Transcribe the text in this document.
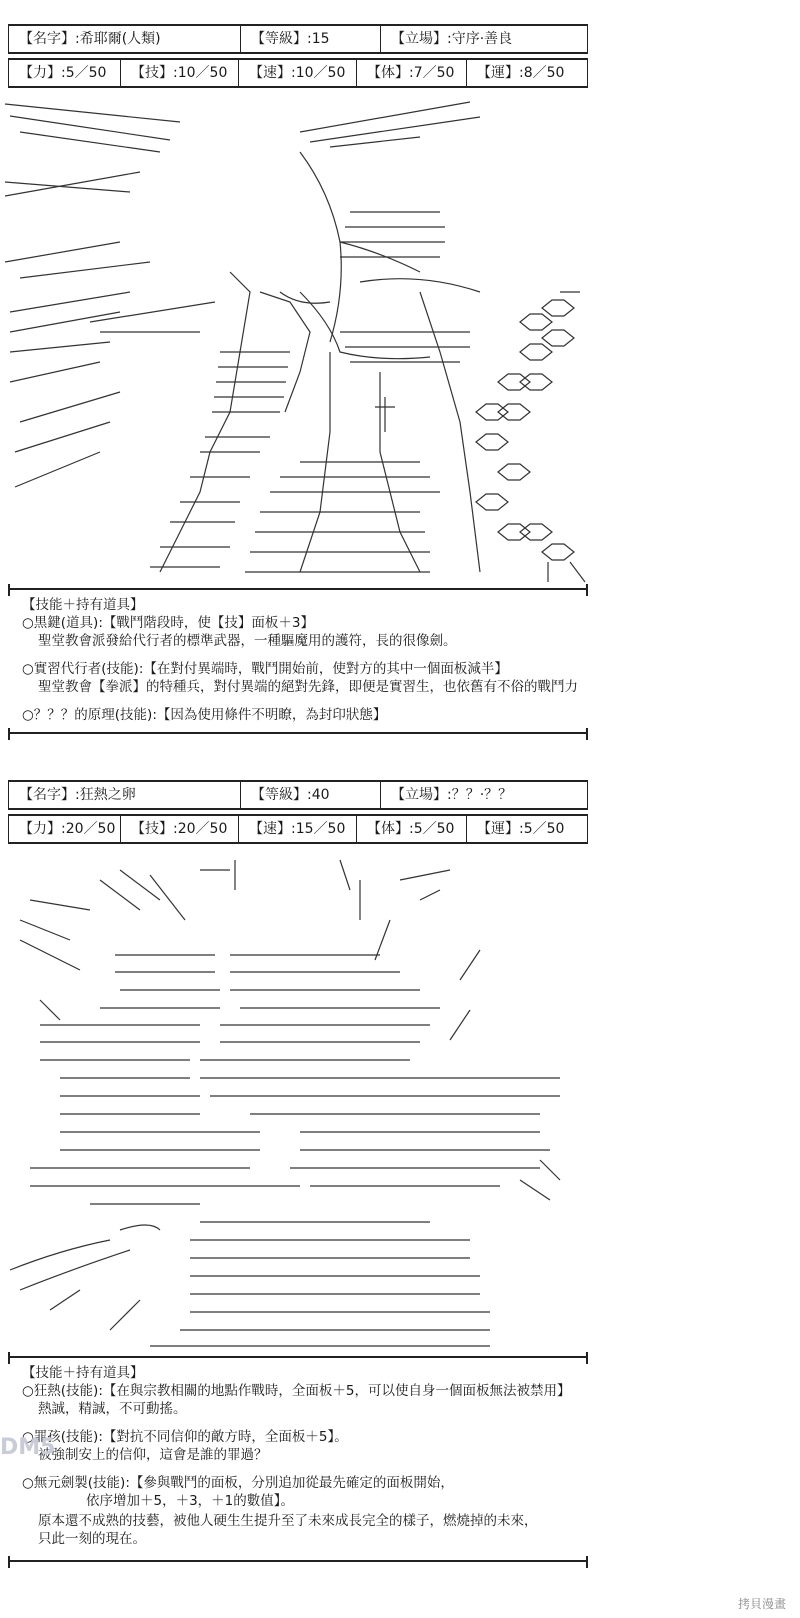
【名字】:希耶爾(人類)	【等級】:15	【立場】:守序·善良
【力】:5／50	【技】:10／50	【速】:10／50	【体】:7／50	【運】:8／50
【技能＋持有道具】
○黒鍵(道具):【戰鬥階段時，使【技】面板＋3】
聖堂教會派發給代行者的標準武器，一種驅魔用的護符，長的很像劍。
○實習代行者(技能):【在對付異端時，戰鬥開始前，使對方的其中一個面板減半】
聖堂教會【拳派】的特種兵，對付異端的絕對先鋒，即便是實習生，也依舊有不俗的戰鬥力
○？？？的原理(技能):【因為使用條件不明瞭，為封印狀態】
【名字】:狂熱之卵	【等級】:40	【立場】:？？·？？
【力】:20／50	【技】:20／50	【速】:15／50	【体】:5／50	【運】:5／50
【技能＋持有道具】
○狂熱(技能):【在與宗教相關的地點作戰時，全面板＋5，可以使自身一個面板無法被禁用】
熱誠，精誠，不可動搖。
○罪孩(技能):【對抗不同信仰的敵方時，全面板＋5】。
被強制安上的信仰，這會是誰的罪過？
○無元劍製(技能):【參與戰鬥的面板，分別追加從最先確定的面板開始，
依序增加＋5，＋3，＋1的數值】。
原本還不成熟的技藝，被他人硬生生提升至了未來成長完全的樣子，燃燒掉的未來，
只此一刻的現在。
DM5
拷貝漫畫
